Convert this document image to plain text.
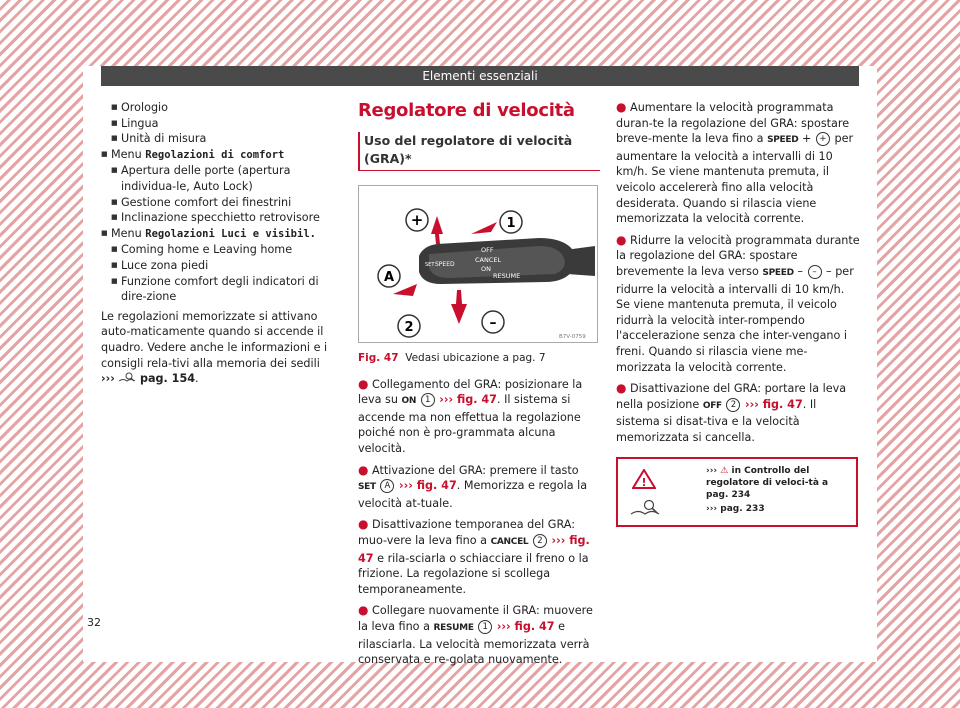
Elementi essenziali
■ Orologio
■ Lingua
■ Unità di misura
■ Menu Regolazioni di comfort
■ Apertura delle porte (apertura individua-le, Auto Lock)
■ Gestione comfort dei finestrini
■ Inclinazione specchietto retrovisore
■ Menu Regolazioni Luci e visibil.
■ Coming home e Leaving home
■ Luce zona piedi
■ Funzione comfort degli indicatori di dire-zione
Le regolazioni memorizzate si attivano auto-maticamente quando si accende il quadro. Vedere anche le informazioni e i consigli rela-tivi alla memoria dei sedili ››› pag. 154.
Regolatore di velocità
Uso del regolatore di velocità (GRA)*
+	1
A
2	–
OFF
CANCEL
ON
RESUME
SPEED
SET
B7V-0759
Fig. 47 Vedasi ubicazione a pag. 7
● Collegamento del GRA: posizionare la leva su ON 1 ››› fig. 47. Il sistema si accende ma non effettua la regolazione poiché non è pro-grammata alcuna velocità.
● Attivazione del GRA: premere il tasto SET A ››› fig. 47. Memorizza e regola la velocità at-tuale.
● Disattivazione temporanea del GRA: muo-vere la leva fino a CANCEL 2 ››› fig. 47 e rila-sciarla o schiacciare il freno o la frizione. La regolazione si scollega temporaneamente.
● Collegare nuovamente il GRA: muovere la leva fino a RESUME 1 ››› fig. 47 e rilasciarla. La velocità memorizzata verrà conservata e re-golata nuovamente.
● Aumentare la velocità programmata duran-te la regolazione del GRA: spostare breve-mente la leva fino a SPEED + + per aumentare la velocità a intervalli di 10 km/h. Se viene mantenuta premuta, il veicolo accelererà fino alla velocità desiderata. Quando si rilascia viene memorizzata la velocità corrente.
● Ridurre la velocità programmata durante la regolazione del GRA: spostare brevemente la leva verso SPEED – – – per ridurre la velocità a intervalli di 10 km/h. Se viene mantenuta premuta, il veicolo ridurrà la velocità inter-rompendo l'accelerazione senza che inter-vengano i freni. Quando si rilascia viene me-morizzata la velocità corrente.
● Disattivazione del GRA: portare la leva nella posizione OFF 2 ››› fig. 47. Il sistema si disat-tiva e la velocità memorizzata si cancella.
!
››› ⚠ in Controllo del regolatore di veloci-tà a pag. 234
››› pag. 233
32
